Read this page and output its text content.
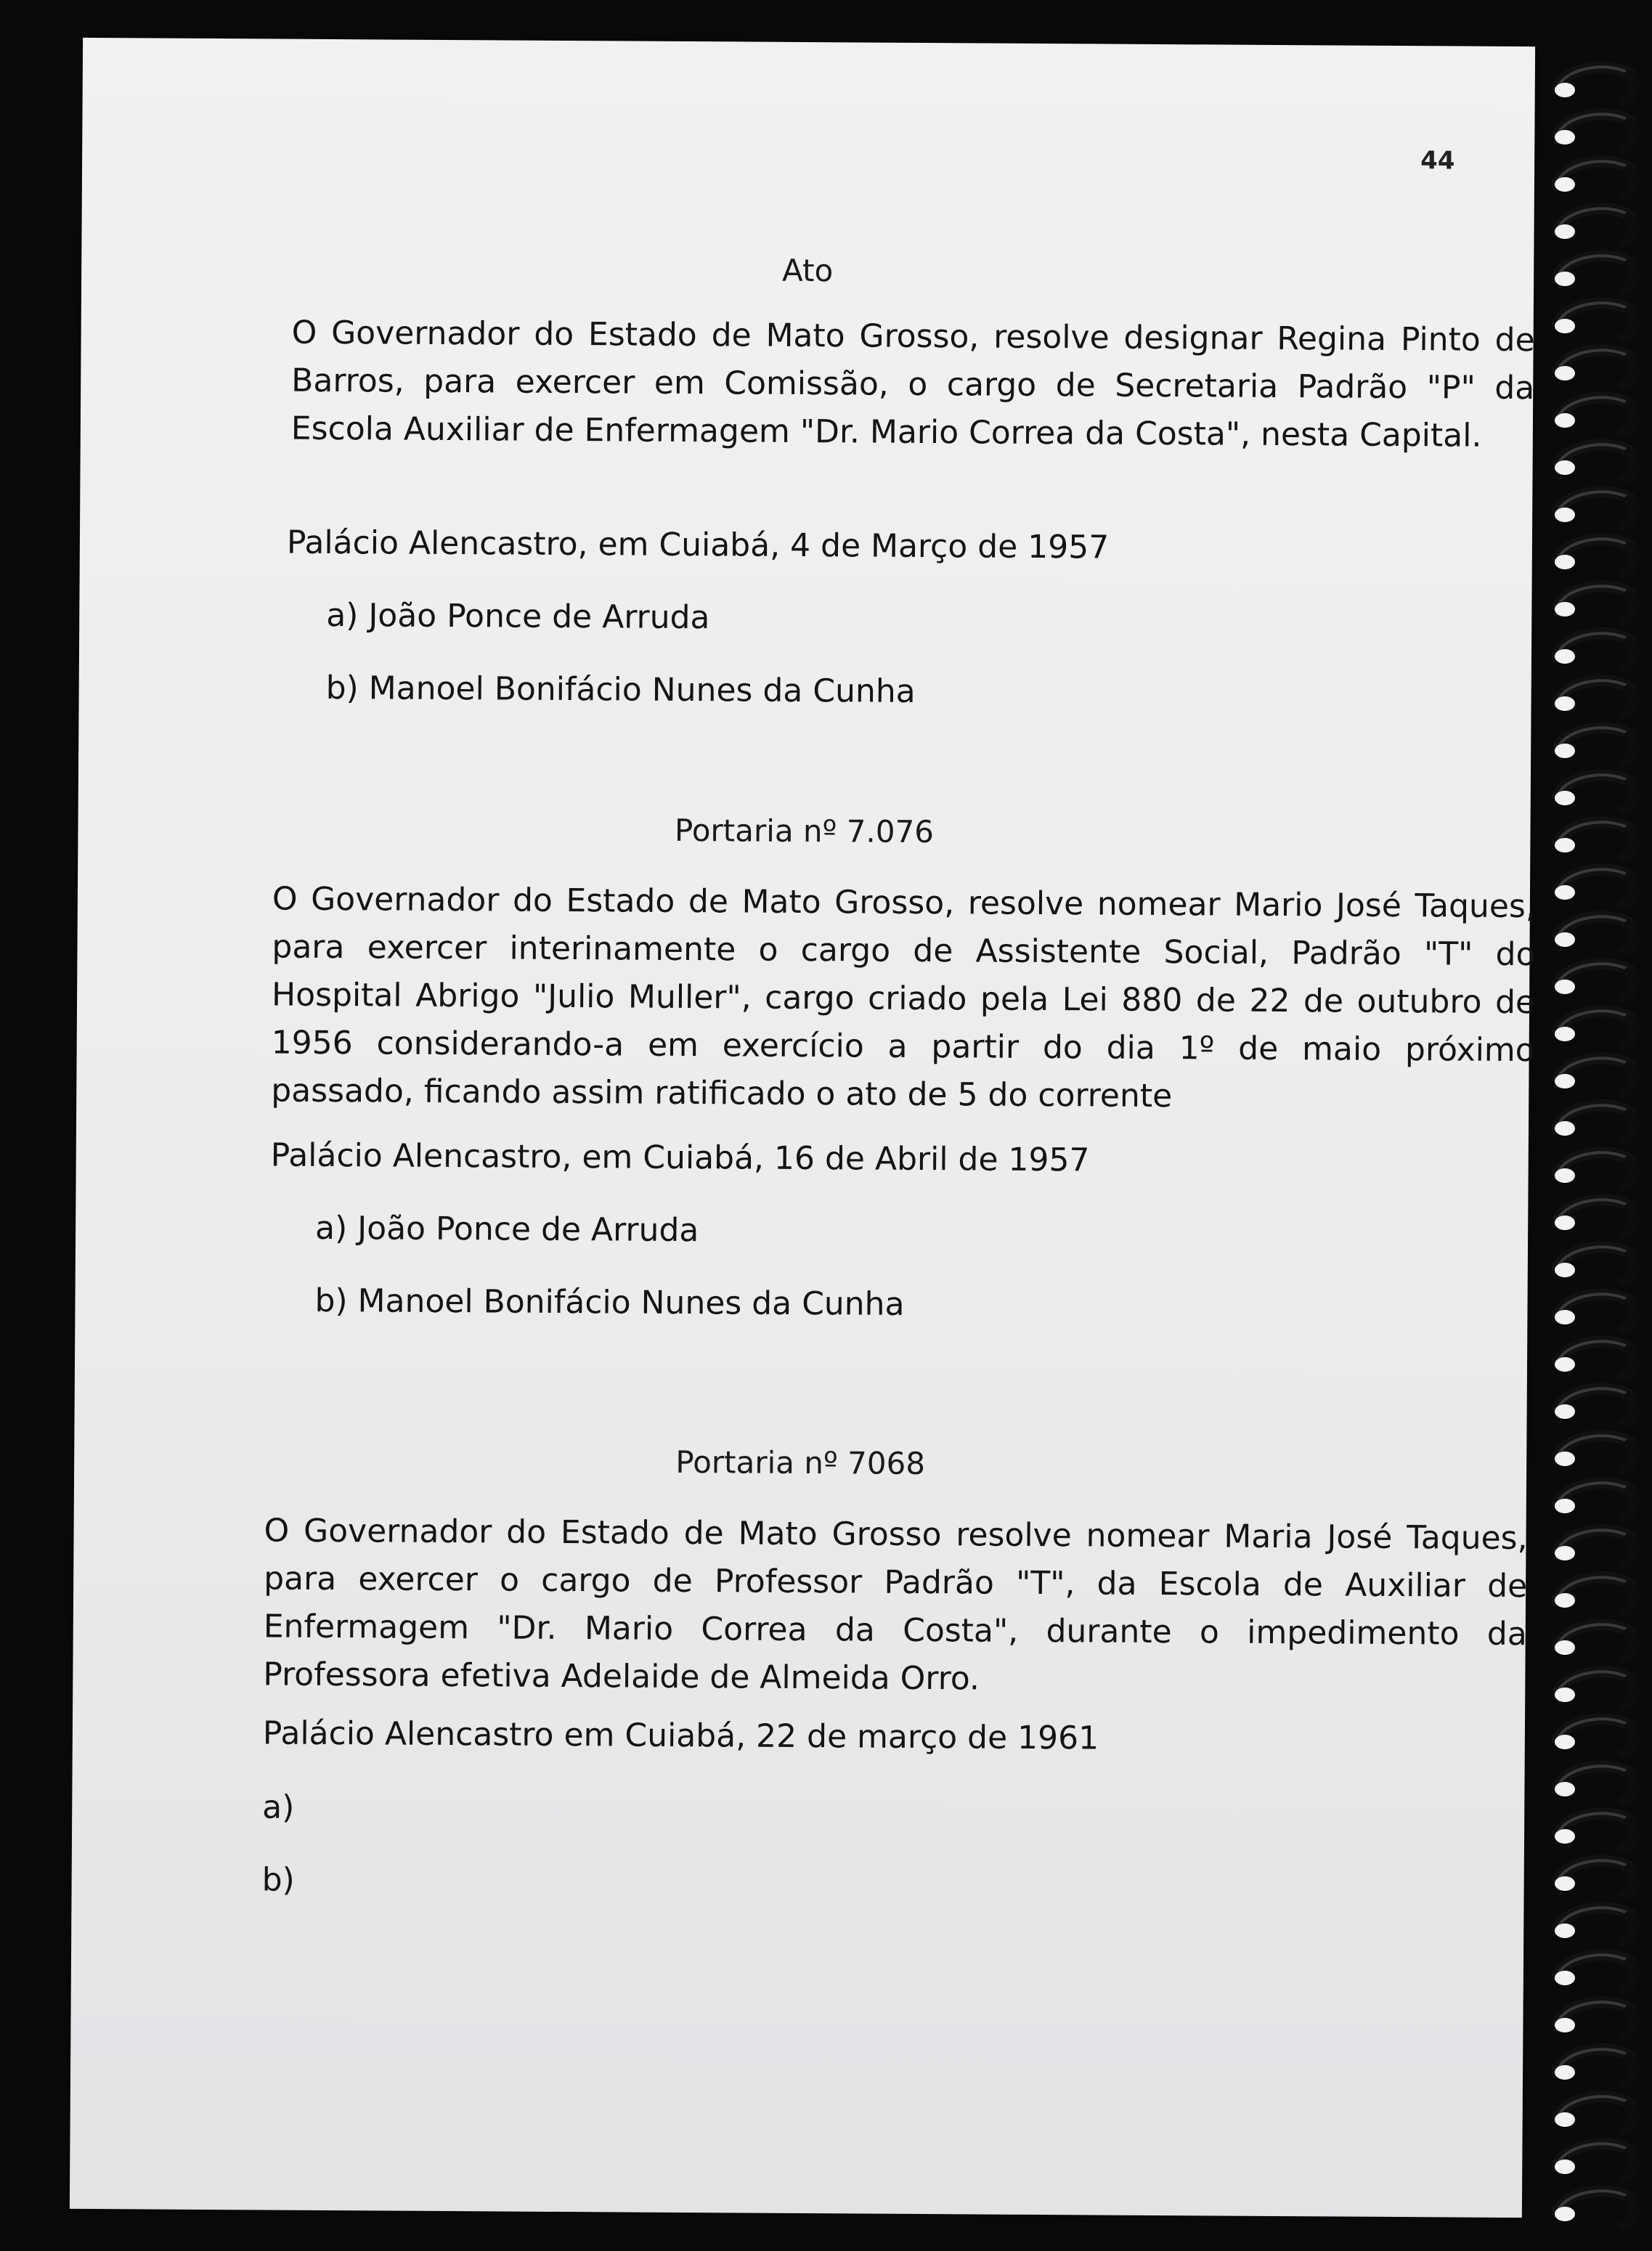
44
Ato
O Governador do Estado de Mato Grosso, resolve designar Regina Pinto de Barros, para exercer em Comissão, o cargo de Secretaria Padrão "P" da Escola Auxiliar de Enfermagem "Dr. Mario Correa da Costa", nesta Capital.
Palácio Alencastro, em Cuiabá, 4 de Março de 1957
a) João Ponce de Arruda
b) Manoel Bonifácio Nunes da Cunha
Portaria nº 7.076
O Governador do Estado de Mato Grosso, resolve nomear Mario José Taques, para exercer interinamente o cargo de Assistente Social, Padrão "T" do Hospital Abrigo "Julio Muller", cargo criado pela Lei 880 de 22 de outubro de 1956 considerando-a em exercício a partir do dia 1º de maio próximo passado, ficando assim ratificado o ato de 5 do corrente
Palácio Alencastro, em Cuiabá, 16 de Abril de 1957
a) João Ponce de Arruda
b) Manoel Bonifácio Nunes da Cunha
Portaria nº 7068
O Governador do Estado de Mato Grosso resolve nomear Maria José Taques, para exercer o cargo de Professor Padrão "T", da Escola de Auxiliar de Enfermagem "Dr. Mario Correa da Costa", durante o impedimento da Professora efetiva Adelaide de Almeida Orro.
Palácio Alencastro em Cuiabá, 22 de março de 1961
a)
b)
